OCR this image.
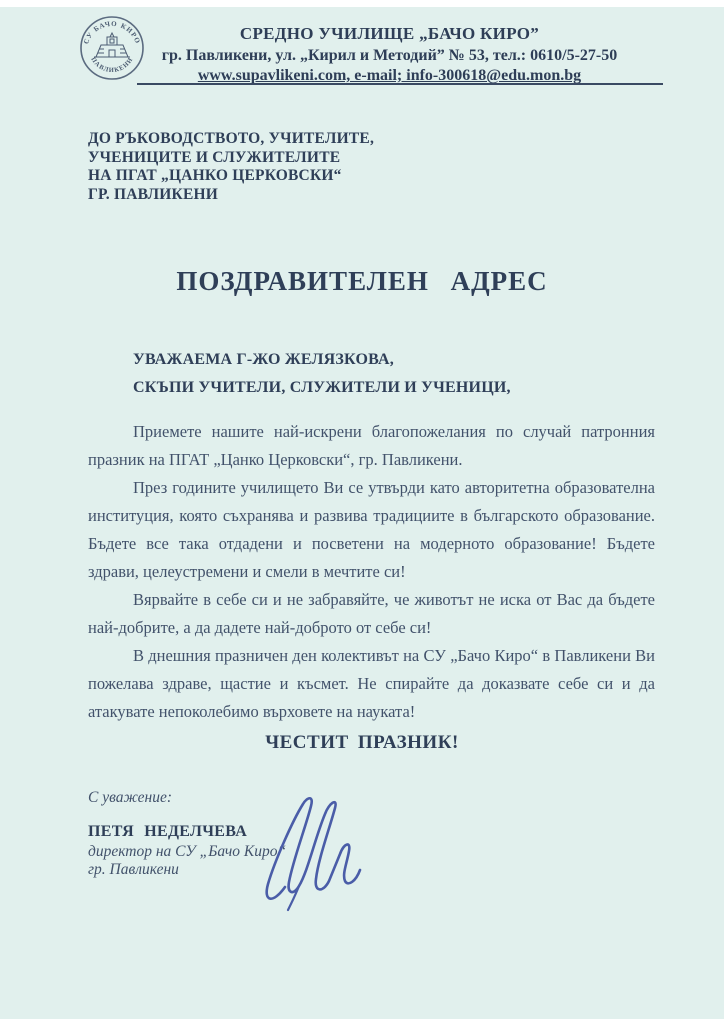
СУ БАЧО КИРО
ПАВЛИКЕНИ
СРЕДНО УЧИЛИЩЕ „БАЧО КИРО”
гр. Павликени, ул. „Кирил и Методий” № 53, тел.: 0610/5-27-50
www.supavlikeni.com, e-mail; info-300618@edu.mon.bg
ДО РЪКОВОДСТВОТО, УЧИТЕЛИТЕ,
УЧЕНИЦИТЕ И СЛУЖИТЕЛИТЕ
НА ПГАТ „ЦАНКО ЦЕРКОВСКИ“
ГР. ПАВЛИКЕНИ
ПОЗДРАВИТЕЛЕН АДРЕС
УВАЖАЕМА Г-ЖО ЖЕЛЯЗКОВА,
СКЪПИ УЧИТЕЛИ, СЛУЖИТЕЛИ И УЧЕНИЦИ,

Приемете нашите най-искрени благопожелания по случай патронния празник на ПГАТ „Цанко Церковски“, гр. Павликени.

През годините училището Ви се утвърди като авторитетна образователна институция, която съхранява и развива традициите в българското образование. Бъдете все така отдадени и посветени на модерното образование! Бъдете здрави, целеустремени и смели в мечтите си!

Вярвайте в себе си и не забравяйте, че животът не иска от Вас да бъдете най-добрите, а да дадете най-доброто от себе си!

В днешния празничен ден колективът на СУ „Бачо Киро“ в Павликени Ви пожелава здраве, щастие и късмет. Не спирайте да доказвате себе си и да атакувате непоколебимо върховете на науката!

ЧЕСТИТ ПРАЗНИК!
С уважение:
ПЕТЯ НЕДЕЛЧЕВА
директор на СУ „Бачо Киро“
гр. Павликени
